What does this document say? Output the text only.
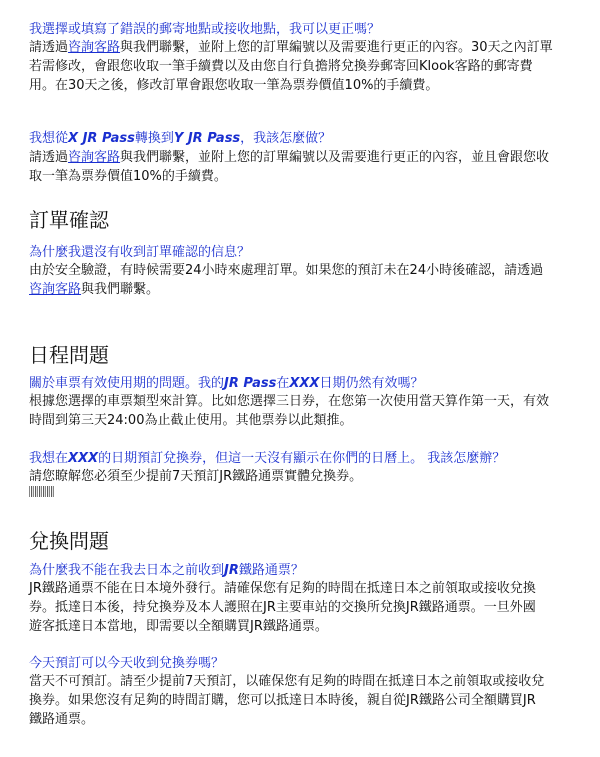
我選擇或填寫了錯誤的郵寄地點或接收地點，我可以更正嗎？
請透過咨詢客路與我們聯繫，並附上您的訂單編號以及需要進行更正的內容。30天之內訂單
若需修改，會跟您收取一筆手續費以及由您自行負擔將兌換券郵寄回Klook客路的郵寄費
用。在30天之後，修改訂單會跟您收取一筆為票券價值10%的手續費。
我想從X JR Pass轉換到Y JR Pass，我該怎麼做？
請透過咨詢客路與我們聯繫，並附上您的訂單編號以及需要進行更正的內容，並且會跟您收
取一筆為票券價值10%的手續費。
訂單確認
為什麼我還沒有收到訂單確認的信息？
由於安全驗證，有時候需要24小時來處理訂單。如果您的預訂未在24小時後確認，請透過
咨詢客路與我們聯繫。
日程問題
關於車票有效使用期的問題。我的JR Pass在XXX日期仍然有效嗎？
根據您選擇的車票類型來計算。比如您選擇三日券，在您第一次使用當天算作第一天，有效
時間到第三天24:00為止截止使用。其他票券以此類推。
我想在XXX的日期預訂兌換券，但這一天沒有顯示在你們的日曆上。 我該怎麼辦？
請您瞭解您必須至少提前7天預訂JR鐵路通票實體兌換券。
兌換問題
為什麼我不能在我去日本之前收到JR鐵路通票？
JR鐵路通票不能在日本境外發行。請確保您有足夠的時間在抵達日本之前領取或接收兌換
券。抵達日本後，持兌換券及本人護照在JR主要車站的交換所兌換JR鐵路通票。一旦外國
遊客抵達日本當地，即需要以全額購買JR鐵路通票。
今天預訂可以今天收到兌換券嗎？
當天不可預訂。請至少提前7天預訂，以確保您有足夠的時間在抵達日本之前領取或接收兌
換券。如果您沒有足夠的時間訂購，您可以抵達日本時後，親自從JR鐵路公司全額購買JR
鐵路通票。
